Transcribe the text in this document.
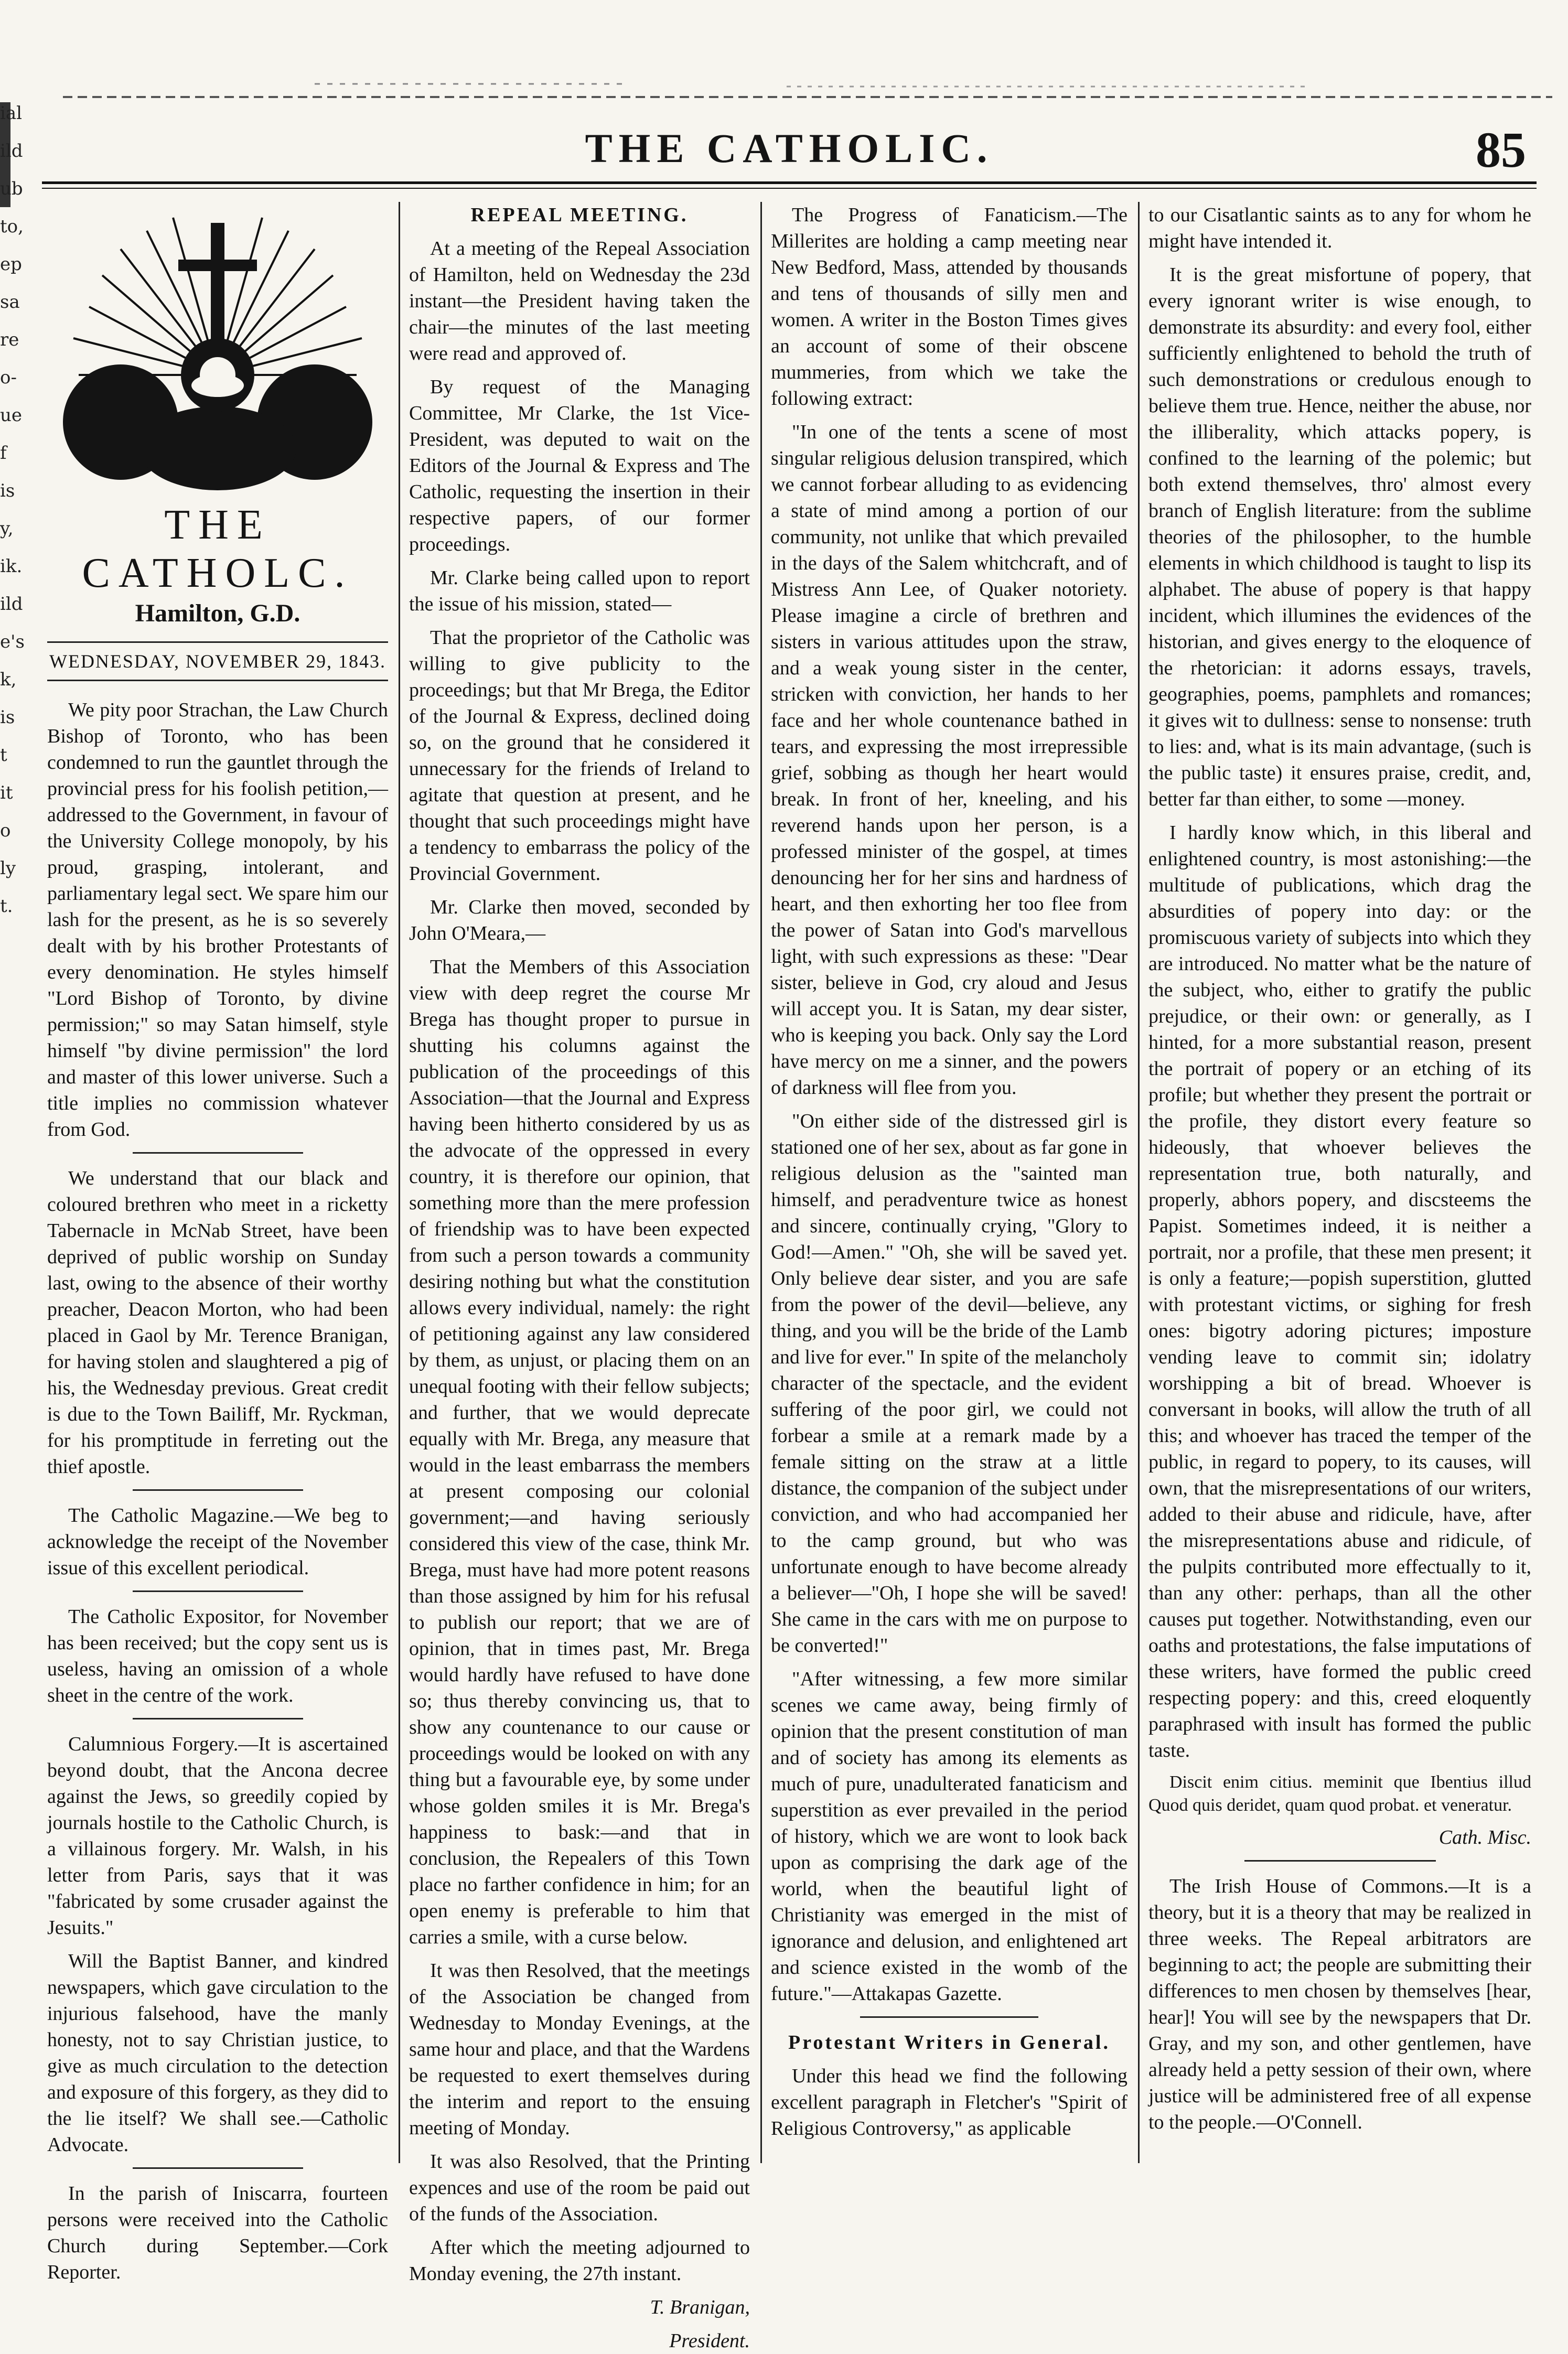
ial
ild
ub
to,
ep
sa
re
o-
ue
f
is
y,
ik.
ild
e's
k,
is
t
it
o
ly
t.
THE CATHOLIC.	85
THE CATHOLC.
Hamilton, G.D.
WEDNESDAY, NOVEMBER 29, 1843.

We pity poor Strachan, the Law Church Bishop of Toronto, who has been condemned to run the gauntlet through the provincial press for his foolish petition,—addressed to the Government, in favour of the University College monopoly, by his proud, grasping, intolerant, and parliamentary legal sect. We spare him our lash for the present, as he is so severely dealt with by his brother Protestants of every denomination. He styles himself "Lord Bishop of Toronto, by divine permission;" so may Satan himself, style himself "by divine permission" the lord and master of this lower universe. Such a title implies no commission whatever from God.

We understand that our black and coloured brethren who meet in a ricketty Tabernacle in McNab Street, have been deprived of public worship on Sunday last, owing to the absence of their worthy preacher, Deacon Morton, who had been placed in Gaol by Mr. Terence Branigan, for having stolen and slaughtered a pig of his, the Wednesday previous. Great credit is due to the Town Bailiff, Mr. Ryckman, for his promptitude in ferreting out the thief apostle.

The Catholic Magazine.—We beg to acknowledge the receipt of the November issue of this excellent periodical.

The Catholic Expositor, for November has been received; but the copy sent us is useless, having an omission of a whole sheet in the centre of the work.

Calumnious Forgery.—It is ascertained beyond doubt, that the Ancona decree against the Jews, so greedily copied by journals hostile to the Catholic Church, is a villainous forgery. Mr. Walsh, in his letter from Paris, says that it was "fabricated by some crusader against the Jesuits."

Will the Baptist Banner, and kindred newspapers, which gave circulation to the injurious falsehood, have the manly honesty, not to say Christian justice, to give as much circulation to the detection and exposure of this forgery, as they did to the lie itself? We shall see.—Catholic Advocate.

In the parish of Iniscarra, fourteen persons were received into the Catholic Church during September.—Cork Reporter.

REPEAL MEETING.

At a meeting of the Repeal Association of Hamilton, held on Wednesday the 23d instant—the President having taken the chair—the minutes of the last meeting were read and approved of.

By request of the Managing Committee, Mr Clarke, the 1st Vice-President, was deputed to wait on the Editors of the Journal & Express and The Catholic, requesting the insertion in their respective papers, of our former proceedings.

Mr. Clarke being called upon to report the issue of his mission, stated—

That the proprietor of the Catholic was willing to give publicity to the proceedings; but that Mr Brega, the Editor of the Journal & Express, declined doing so, on the ground that he considered it unnecessary for the friends of Ireland to agitate that question at present, and he thought that such proceedings might have a tendency to embarrass the policy of the Provincial Government.

Mr. Clarke then moved, seconded by John O'Meara,—

That the Members of this Association view with deep regret the course Mr Brega has thought proper to pursue in shutting his columns against the publication of the proceedings of this Association—that the Journal and Express having been hitherto considered by us as the advocate of the oppressed in every country, it is therefore our opinion, that something more than the mere profession of friendship was to have been expected from such a person towards a community desiring nothing but what the constitution allows every individual, namely: the right of petitioning against any law considered by them, as unjust, or placing them on an unequal footing with their fellow subjects; and further, that we would deprecate equally with Mr. Brega, any measure that would in the least embarrass the members at present composing our colonial government;—and having seriously considered this view of the case, think Mr. Brega, must have had more potent reasons than those assigned by him for his refusal to publish our report; that we are of opinion, that in times past, Mr. Brega would hardly have refused to have done so; thus thereby convincing us, that to show any countenance to our cause or proceedings would be looked on with any thing but a favourable eye, by some under whose golden smiles it is Mr. Brega's happiness to bask:—and that in conclusion, the Repealers of this Town place no farther confidence in him; for an open enemy is preferable to him that carries a smile, with a curse below.

It was then Resolved, that the meetings of the Association be changed from Wednesday to Monday Evenings, at the same hour and place, and that the Wardens be requested to exert themselves during the interim and report to the ensuing meeting of Monday.

It was also Resolved, that the Printing expences and use of the room be paid out of the funds of the Association.

After which the meeting adjourned to Monday evening, the 27th instant.

T. Branigan,

President.

The Progress of Fanaticism.—The Millerites are holding a camp meeting near New Bedford, Mass, attended by thousands and tens of thousands of silly men and women. A writer in the Boston Times gives an account of some of their obscene mummeries, from which we take the following extract:

"In one of the tents a scene of most singular religious delusion transpired, which we cannot forbear alluding to as evidencing a state of mind among a portion of our community, not unlike that which prevailed in the days of the Salem whitchcraft, and of Mistress Ann Lee, of Quaker notoriety. Please imagine a circle of brethren and sisters in various attitudes upon the straw, and a weak young sister in the center, stricken with conviction, her hands to her face and her whole countenance bathed in tears, and expressing the most irrepressible grief, sobbing as though her heart would break. In front of her, kneeling, and his reverend hands upon her person, is a professed minister of the gospel, at times denouncing her for her sins and hardness of heart, and then exhorting her too flee from the power of Satan into God's marvellous light, with such expressions as these: "Dear sister, believe in God, cry aloud and Jesus will accept you. It is Satan, my dear sister, who is keeping you back. Only say the Lord have mercy on me a sinner, and the powers of darkness will flee from you.

"On either side of the distressed girl is stationed one of her sex, about as far gone in religious delusion as the "sainted man himself, and peradventure twice as honest and sincere, continually crying, "Glory to God!—Amen." "Oh, she will be saved yet. Only believe dear sister, and you are safe from the power of the devil—believe, any thing, and you will be the bride of the Lamb and live for ever." In spite of the melancholy character of the spectacle, and the evident suffering of the poor girl, we could not forbear a smile at a remark made by a female sitting on the straw at a little distance, the companion of the subject under conviction, and who had accompanied her to the camp ground, but who was unfortunate enough to have become already a believer—"Oh, I hope she will be saved! She came in the cars with me on purpose to be converted!"

"After witnessing, a few more similar scenes we came away, being firmly of opinion that the present constitution of man and of society has among its elements as much of pure, unadulterated fanaticism and superstition as ever prevailed in the period of history, which we are wont to look back upon as comprising the dark age of the world, when the beautiful light of Christianity was emerged in the mist of ignorance and delusion, and enlightened art and science existed in the womb of the future."—Attakapas Gazette.

Protestant Writers in General.

Under this head we find the following excellent paragraph in Fletcher's "Spirit of Religious Controversy," as applicable

to our Cisatlantic saints as to any for whom he might have intended it.

It is the great misfortune of popery, that every ignorant writer is wise enough, to demonstrate its absurdity: and every fool, either sufficiently enlightened to behold the truth of such demonstrations or credulous enough to believe them true. Hence, neither the abuse, nor the illiberality, which attacks popery, is confined to the learning of the polemic; but both extend themselves, thro' almost every branch of English literature: from the sublime theories of the philosopher, to the humble elements in which childhood is taught to lisp its alphabet. The abuse of popery is that happy incident, which illumines the evidences of the historian, and gives energy to the eloquence of the rhetorician: it adorns essays, travels, geographies, poems, pamphlets and romances; it gives wit to dullness: sense to nonsense: truth to lies: and, what is its main advantage, (such is the public taste) it ensures praise, credit, and, better far than either, to some —money.

I hardly know which, in this liberal and enlightened country, is most astonishing:—the multitude of publications, which drag the absurdities of popery into day: or the promiscuous variety of subjects into which they are introduced. No matter what be the nature of the subject, who, either to gratify the public prejudice, or their own: or generally, as I hinted, for a more substantial reason, present the portrait of popery or an etching of its profile; but whether they present the portrait or the profile, they distort every feature so hideously, that whoever believes the representation true, both naturally, and properly, abhors popery, and discsteems the Papist. Sometimes indeed, it is neither a portrait, nor a profile, that these men present; it is only a feature;—popish superstition, glutted with protestant victims, or sighing for fresh ones: bigotry adoring pictures; imposture vending leave to commit sin; idolatry worshipping a bit of bread. Whoever is conversant in books, will allow the truth of all this; and whoever has traced the temper of the public, in regard to popery, to its causes, will own, that the misrepresentations of our writers, added to their abuse and ridicule, have, after the misrepresentations abuse and ridicule, of the pulpits contributed more effectually to it, than any other: perhaps, than all the other causes put together. Notwithstanding, even our oaths and protestations, the false imputations of these writers, have formed the public creed respecting popery: and this, creed eloquently paraphrased with insult has formed the public taste.

Discit enim citius. meminit que Ibentius illud Quod quis deridet, quam quod probat. et veneratur.

Cath. Misc.

The Irish House of Commons.—It is a theory, but it is a theory that may be realized in three weeks. The Repeal arbitrators are beginning to act; the people are submitting their differences to men chosen by themselves [hear, hear]! You will see by the newspapers that Dr. Gray, and my son, and other gentlemen, have already held a petty session of their own, where justice will be administered free of all expense to the people.—O'Connell.
